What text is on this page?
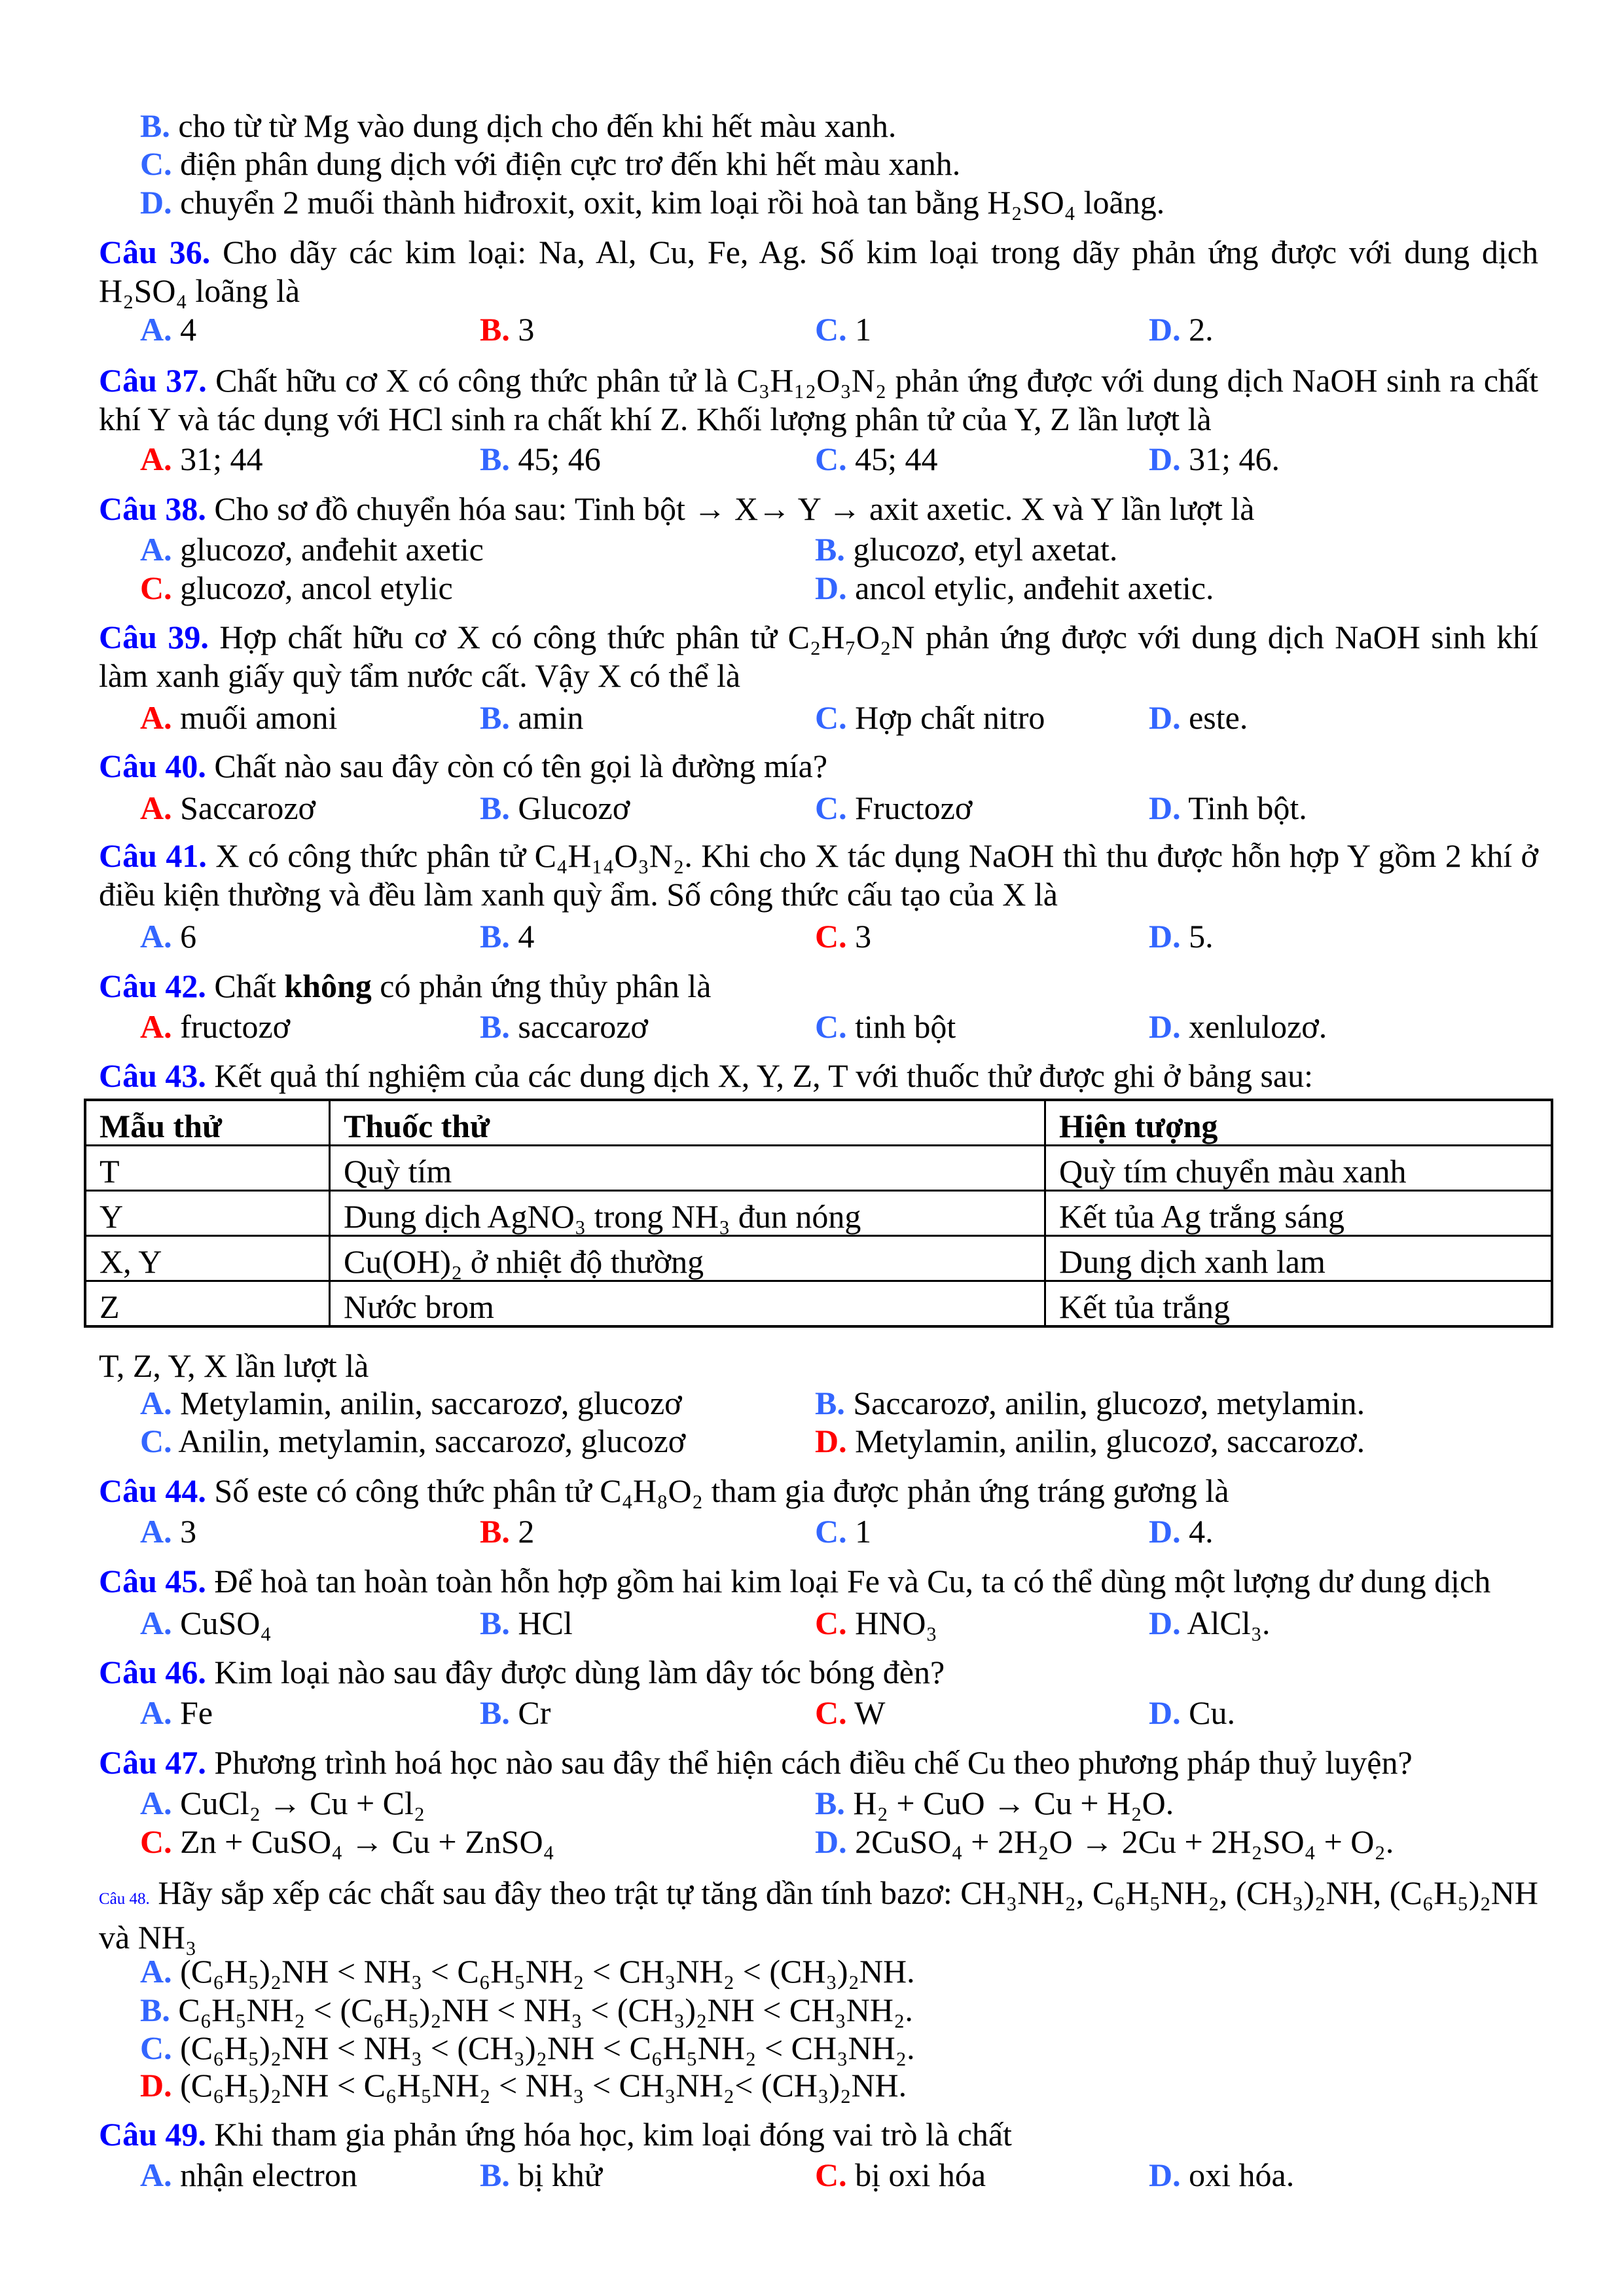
B. cho từ từ Mg vào dung dịch cho đến khi hết màu xanh.
C. điện phân dung dịch với điện cực trơ đến khi hết màu xanh.
D. chuyển 2 muối thành hiđroxit, oxit, kim loại rồi hoà tan bằng H₂SO₄ loãng.
Câu 36. Cho dãy các kim loại: Na, Al, Cu, Fe, Ag. Số kim loại trong dãy phản ứng được với dung dịch H₂SO₄ loãng là
A. 4	B. 3	C. 1	D. 2.
Câu 37. Chất hữu cơ X có công thức phân tử là C₃H₁₂O₃N₂ phản ứng được với dung dịch NaOH sinh ra chất khí Y và tác dụng với HCl sinh ra chất khí Z. Khối lượng phân tử của Y, Z lần lượt là
A. 31; 44	B. 45; 46	C. 45; 44	D. 31; 46.
Câu 38. Cho sơ đồ chuyển hóa sau: Tinh bột → X→ Y → axit axetic. X và Y lần lượt là
A. glucozơ, anđehit axetic	B. glucozơ, etyl axetat.
C. glucozơ, ancol etylic	D. ancol etylic, anđehit axetic.
Câu 39. Hợp chất hữu cơ X có công thức phân tử C₂H₇O₂N phản ứng được với dung dịch NaOH sinh khí làm xanh giấy quỳ tẩm nước cất. Vậy X có thể là
A. muối amoni	B. amin	C. Hợp chất nitro	D. este.
Câu 40. Chất nào sau đây còn có tên gọi là đường mía?
A. Saccarozơ	B. Glucozơ	C. Fructozơ	D. Tinh bột.
Câu 41. X có công thức phân tử C₄H₁₄O₃N₂. Khi cho X tác dụng NaOH thì thu được hỗn hợp Y gồm 2 khí ở điều kiện thường và đều làm xanh quỳ ẩm. Số công thức cấu tạo của X là
A. 6	B. 4	C. 3	D. 5.
Câu 42. Chất không có phản ứng thủy phân là
A. fructozơ	B. saccarozơ	C. tinh bột	D. xenlulozơ.
Câu 43. Kết quả thí nghiệm của các dung dịch X, Y, Z, T với thuốc thử được ghi ở bảng sau:
Mẫu thử	Thuốc thử	Hiện tượng
T	Quỳ tím	Quỳ tím chuyển màu xanh
Y	Dung dịch AgNO₃ trong NH₃ đun nóng	Kết tủa Ag trắng sáng
X, Y	Cu(OH)₂ ở nhiệt độ thường	Dung dịch xanh lam
Z	Nước brom	Kết tủa trắng
T, Z, Y, X lần lượt là
A. Metylamin, anilin, saccarozơ, glucozơ	B. Saccarozơ, anilin, glucozơ, metylamin.
C. Anilin, metylamin, saccarozơ, glucozơ	D. Metylamin, anilin, glucozơ, saccarozơ.
Câu 44. Số este có công thức phân tử C₄H₈O₂ tham gia được phản ứng tráng gương là
A. 3	B. 2	C. 1	D. 4.
Câu 45. Để hoà tan hoàn toàn hỗn hợp gồm hai kim loại Fe và Cu, ta có thể dùng một lượng dư dung dịch
A. CuSO₄	B. HCl	C. HNO₃	D. AlCl₃.
Câu 46. Kim loại nào sau đây được dùng làm dây tóc bóng đèn?
A. Fe	B. Cr	C. W	D. Cu.
Câu 47. Phương trình hoá học nào sau đây thể hiện cách điều chế Cu theo phương pháp thuỷ luyện?
A. CuCl₂ → Cu + Cl₂	B. H₂ + CuO → Cu + H₂O.
C. Zn + CuSO₄ → Cu + ZnSO₄	D. 2CuSO₄ + 2H₂O → 2Cu + 2H₂SO₄ + O₂.
Câu 48. Hãy sắp xếp các chất sau đây theo trật tự tăng dần tính bazơ: CH₃NH₂, C₆H₅NH₂, (CH₃)₂NH, (C₆H₅)₂NH và NH₃
A. (C₆H₅)₂NH < NH₃ < C₆H₅NH₂ < CH₃NH₂ < (CH₃)₂NH.
B. C₆H₅NH₂ < (C₆H₅)₂NH < NH₃ < (CH₃)₂NH < CH₃NH₂.
C. (C₆H₅)₂NH < NH₃ < (CH₃)₂NH < C₆H₅NH₂ < CH₃NH₂.
D. (C₆H₅)₂NH < C₆H₅NH₂ < NH₃ < CH₃NH₂< (CH₃)₂NH.
Câu 49. Khi tham gia phản ứng hóa học, kim loại đóng vai trò là chất
A. nhận electron	B. bị khử	C. bị oxi hóa	D. oxi hóa.
